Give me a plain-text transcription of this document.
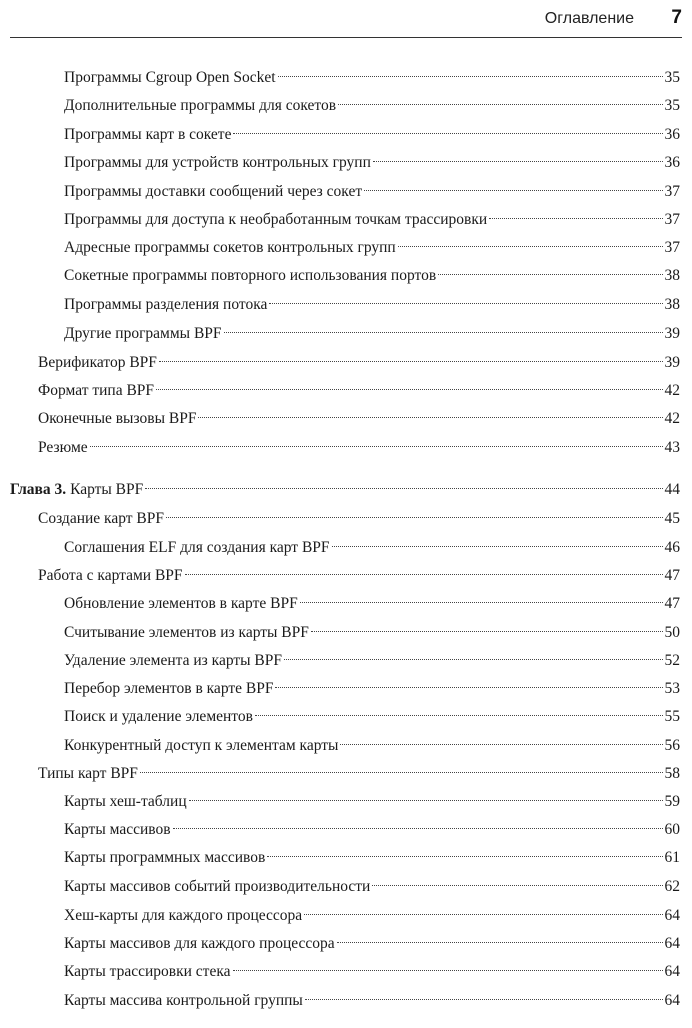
Оглавление 7
Программы Cgroup Open Socket	35
Дополнительные программы для сокетов	35
Программы карт в сокете	36
Программы для устройств контрольных групп	36
Программы доставки сообщений через сокет	37
Программы для доступа к необработанным точкам трассировки	37
Адресные программы сокетов контрольных групп	37
Сокетные программы повторного использования портов	38
Программы разделения потока	38
Другие программы BPF	39
Верификатор BPF	39
Формат типа BPF	42
Оконечные вызовы BPF	42
Резюме	43
Глава 3. Карты BPF	44
Создание карт BPF	45
Соглашения ELF для создания карт BPF	46
Работа с картами BPF	47
Обновление элементов в карте BPF	47
Считывание элементов из карты BPF	50
Удаление элемента из карты BPF	52
Перебор элементов в карте BPF	53
Поиск и удаление элементов	55
Конкурентный доступ к элементам карты	56
Типы карт BPF	58
Карты хеш-таблиц	59
Карты массивов	60
Карты программных массивов	61
Карты массивов событий производительности	62
Хеш-карты для каждого процессора	64
Карты массивов для каждого процессора	64
Карты трассировки стека	64
Карты массива контрольной группы	64
